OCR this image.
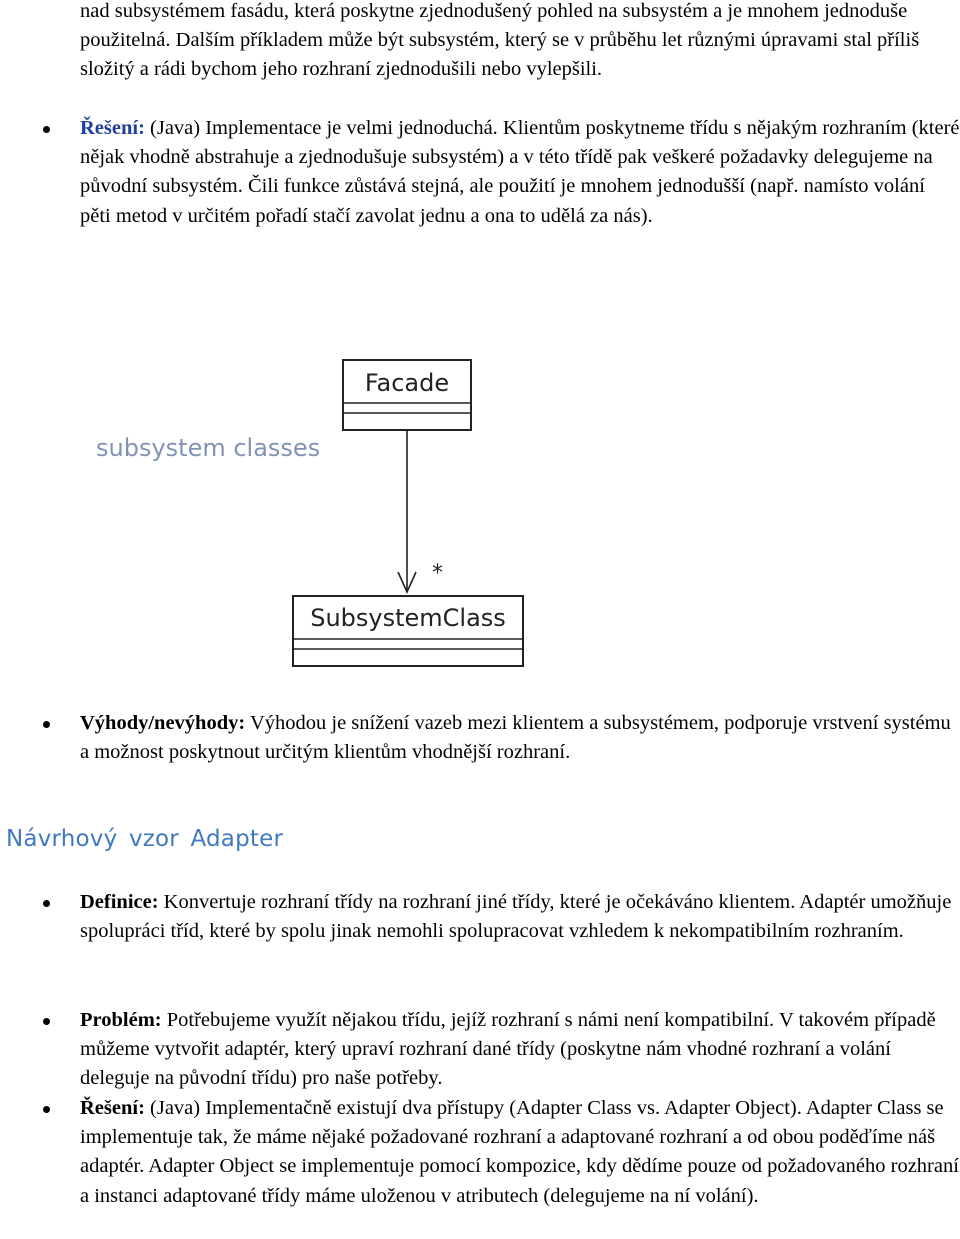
nad subsystémem fasádu, která poskytne zjednodušený pohled na subsystém a je mnohem jednoduše použitelná. Dalším příkladem může být subsystém, který se v průběhu let různými úpravami stal příliš složitý a rádi bychom jeho rozhraní zjednodušili nebo vylepšili.

Řešení: (Java) Implementace je velmi jednoduchá. Klientům poskytneme třídu s nějakým rozhraním (které nějak vhodně abstrahuje a zjednodušuje subsystém) a v této třídě pak veškeré požadavky delegujeme na původní subsystém. Čili funkce zůstává stejná, ale použití je mnohem jednodušší (např. namísto volání pěti metod v určitém pořadí stačí zavolat jednu a ona to udělá za nás).
Facade
subsystem classes
*
SubsystemClass
Výhody/nevýhody: Výhodou je snížení vazeb mezi klientem a subsystémem, podporuje vrstvení systému a možnost poskytnout určitým klientům vhodnější rozhraní.
Návrhový vzor Adapter
Definice: Konvertuje rozhraní třídy na rozhraní jiné třídy, které je očekáváno klientem. Adaptér umožňuje spolupráci tříd, které by spolu jinak nemohli spolupracovat vzhledem k nekompatibilním rozhraním.
Problém: Potřebujeme využít nějakou třídu, jejíž rozhraní s námi není kompatibilní. V takovém případě můžeme vytvořit adaptér, který upraví rozhraní dané třídy (poskytne nám vhodné rozhraní a volání deleguje na původní třídu) pro naše potřeby.
Řešení: (Java) Implementačně existují dva přístupy (Adapter Class vs. Adapter Object). Adapter Class se implementuje tak, že máme nějaké požadované rozhraní a adaptované rozhraní a od obou poděďíme náš adaptér. Adapter Object se implementuje pomocí kompozice, kdy dědíme pouze od požadovaného rozhraní a instanci adaptované třídy máme uloženou v atributech (delegujeme na ní volání).
